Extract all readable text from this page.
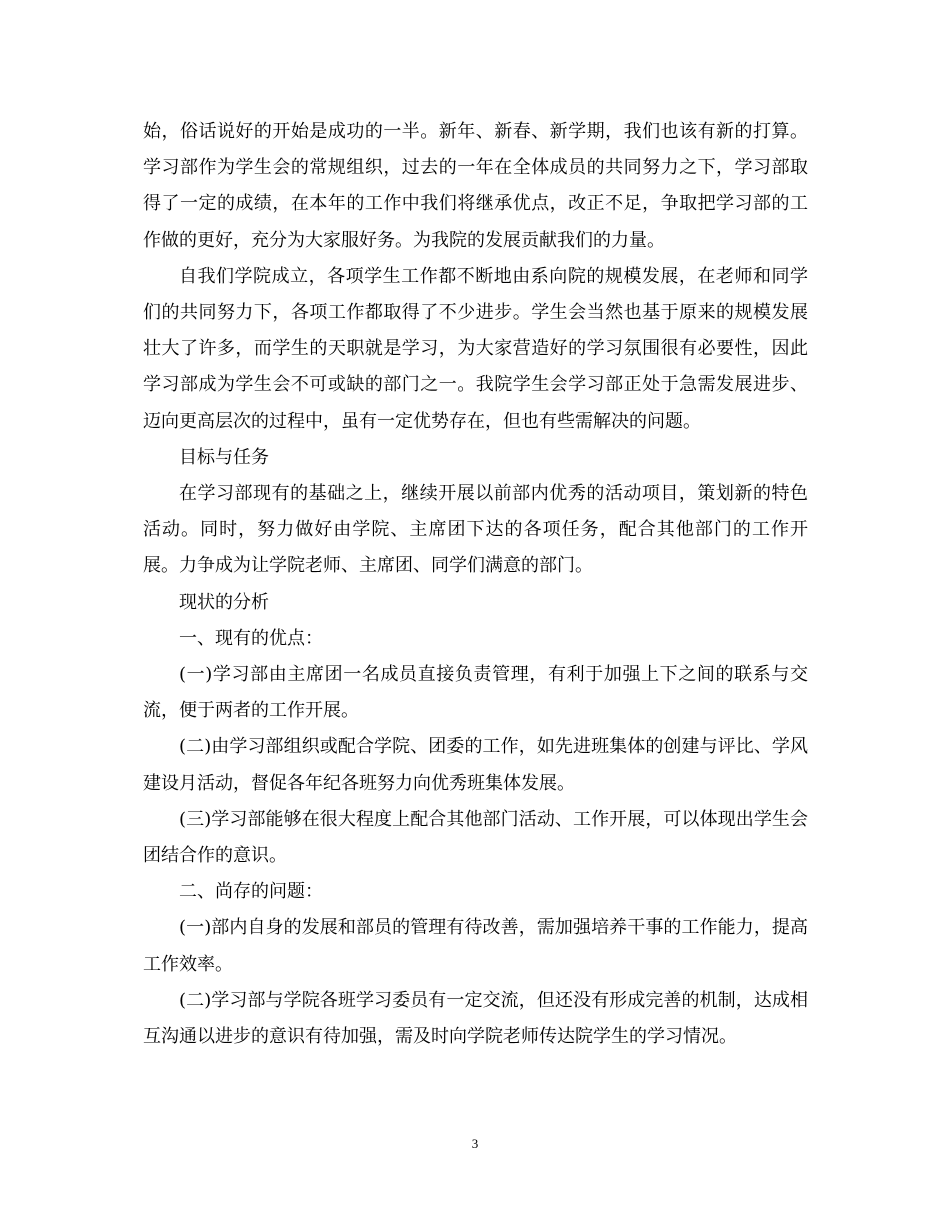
始，俗话说好的开始是成功的一半。新年、新春、新学期，我们也该有新的打算。学习部作为学生会的常规组织，过去的一年在全体成员的共同努力之下，学习部取得了一定的成绩，在本年的工作中我们将继承优点，改正不足，争取把学习部的工作做的更好，充分为大家服好务。为我院的发展贡献我们的力量。

自我们学院成立，各项学生工作都不断地由系向院的规模发展，在老师和同学们的共同努力下，各项工作都取得了不少进步。学生会当然也基于原来的规模发展壮大了许多，而学生的天职就是学习，为大家营造好的学习氛围很有必要性，因此学习部成为学生会不可或缺的部门之一。我院学生会学习部正处于急需发展进步、迈向更高层次的过程中，虽有一定优势存在，但也有些需解决的问题。

目标与任务

在学习部现有的基础之上，继续开展以前部内优秀的活动项目，策划新的特色活动。同时，努力做好由学院、主席团下达的各项任务，配合其他部门的工作开展。力争成为让学院老师、主席团、同学们满意的部门。

现状的分析

一、现有的优点：

(一)学习部由主席团一名成员直接负责管理，有利于加强上下之间的联系与交流，便于两者的工作开展。

(二)由学习部组织或配合学院、团委的工作，如先进班集体的创建与评比、学风建设月活动，督促各年纪各班努力向优秀班集体发展。

(三)学习部能够在很大程度上配合其他部门活动、工作开展，可以体现出学生会团结合作的意识。

二、尚存的问题：

(一)部内自身的发展和部员的管理有待改善，需加强培养干事的工作能力，提高工作效率。

(二)学习部与学院各班学习委员有一定交流，但还没有形成完善的机制，达成相互沟通以进步的意识有待加强，需及时向学院老师传达院学生的学习情况。

3
